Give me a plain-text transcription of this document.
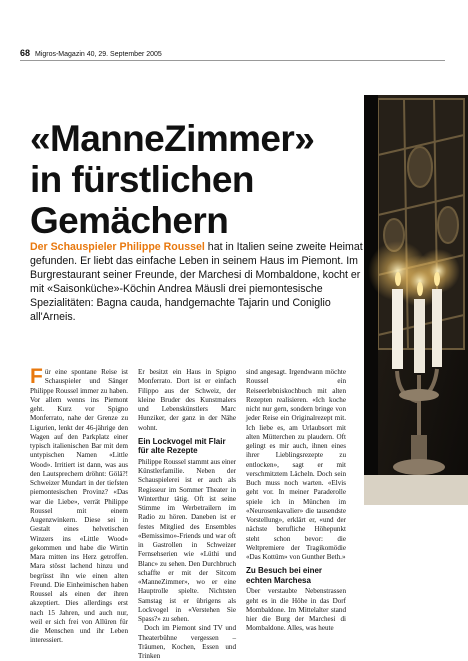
68 Migros-Magazin 40, 29. September 2005
«ManneZimmer»
in fürstlichen
Gemächern
Der Schauspieler Philippe Roussel hat in Italien seine zweite Heimat gefunden. Er liebt das einfache Leben in seinem Haus im Piemont. Im Burgrestaurant seiner Freunde, der Marchesi di Mombaldone, kocht er mit «Saisonküche»-Köchin Andrea Mäusli drei piemontesische Spezialitäten: Bagna cauda, handgemachte Tajarin und Coniglio all'Arneis.

Für eine spontane Reise ist Schauspieler und Sänger Philippe Roussel immer zu haben. Vor allem wenns ins Piemont geht. Kurz vor Spigno Monferrato, nahe der Grenze zu Ligurien, lenkt der 46-jährige den Wagen auf den Parkplatz einer typisch italienischen Bar mit dem untypischen Namen «Little Wood». Irritiert ist dann, was aus den Lautsprechern dröhnt: Gölä?! Schweizer Mundart in der tiefsten piemontesischen Provinz? «Das war die Liebe», verrät Philippe Roussel mit einem Augenzwinkern. Diese sei in Gestalt eines helvetischen Winzers ins «Little Wood» gekommen und habe die Wirtin Mara mitten ins Herz getroffen. Mara stösst lachend hinzu und begrüsst ihn wie einen alten Freund. Die Einheimischen haben Roussel als einen der ihren akzeptiert. Dies allerdings erst nach 15 Jahren, und auch nur, weil er sich frei von Allüren für die Menschen und ihr Leben interessiert.

Er besitzt ein Haus in Spigno Monferrato. Dort ist er einfach Filippo aus der Schweiz, der kleine Bruder des Kunstmalers und Lebenskünstlers Marc Hunziker, der ganz in der Nähe wohnt.

Ein Lockvogel mit Flair für alte Rezepte

Philippe Roussel stammt aus einer Künstlerfamilie. Neben der Schauspielerei ist er auch als Regisseur im Sommer Theater in Winterthur tätig. Oft ist seine Stimme im Werbetrailern im Radio zu hören. Daneben ist er festes Mitglied des Ensembles «Bemissimo»-Friends und war oft in Gastrollen in Schweizer Fernsehserien wie «Lüthi und Blanc» zu sehen. Den Durchbruch schaffte er mit der Sitcom «ManneZimmer», wo er eine Hauptrolle spielte. Nichtsten Samstag ist er übrigens als Lockvogel in «Verstehen Sie Spass?» zu sehen.

Doch im Piemont sind TV und Theaterbühne vergessen – Träumen, Kochen, Essen und Trinken

sind angesagt. Irgendwann möchte Roussel ein Reiseerlebniskochbuch mit alten Rezepten realisieren. «Ich koche nicht nur gern, sondern bringe von jeder Reise ein Originalrezept mit. Ich liebe es, am Urlaubsort mit alten Mütterchen zu plaudern. Oft gelingt es mir auch, ihnen eines ihrer Lieblingsrezepte zu entlocken», sagt er mit verschmitztem Lächeln. Doch sein Buch muss noch warten. «Elvis geht vor. In meiner Paraderolle spiele ich in München im «Neurosenkavalier» die tausendste Vorstellung», erklärt er, «und der nächste berufliche Höhepunkt steht schon bevor: die Weltpremiere der Tragikomödie «Das Kottüm» von Gunther Beth.»

Zu Besuch bei einer echten Marchesa

Über verstaubte Nebenstrassen geht es in die Höhe in das Dorf Mombaldone. Im Mittelalter stand hier die Burg der Marchesi di Mombaldone. Alles, was heute
